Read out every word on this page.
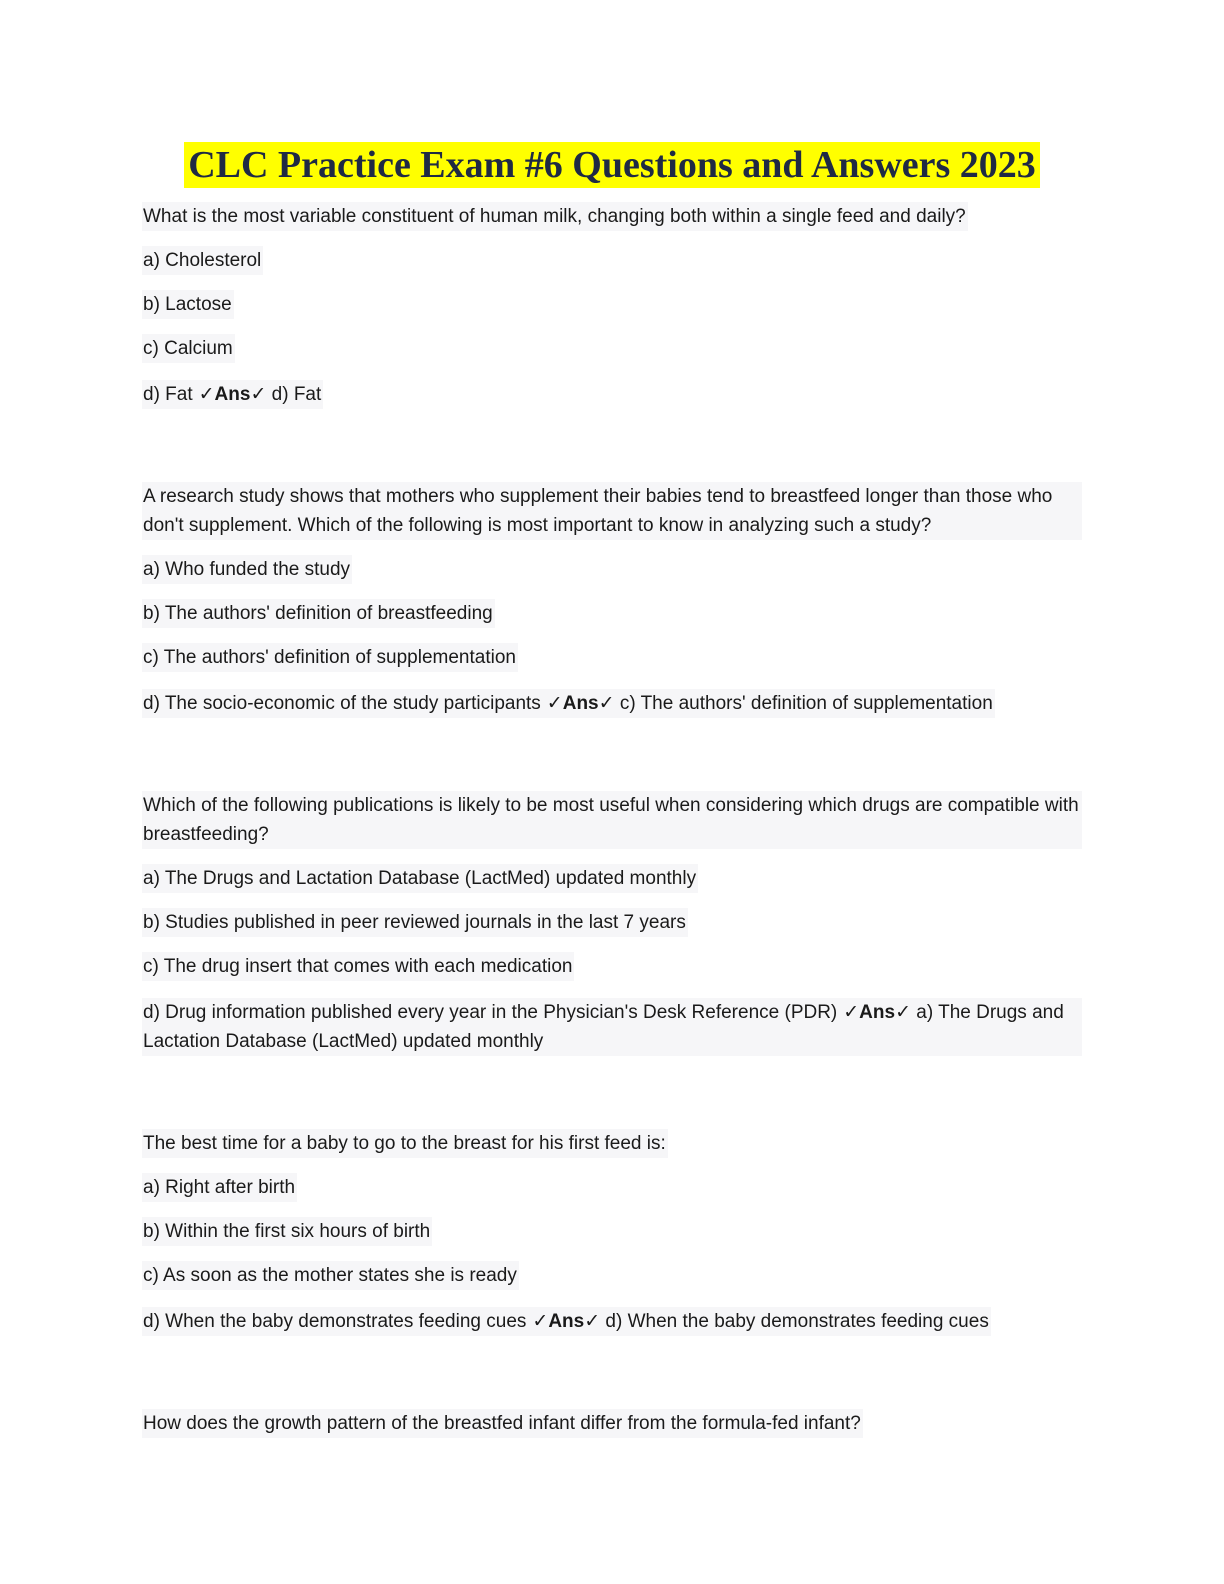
CLC Practice Exam #6 Questions and Answers 2023
What is the most variable constituent of human milk, changing both within a single feed and daily?
a) Cholesterol
b) Lactose
c) Calcium
d) Fat ✓Ans✓ d) Fat
A research study shows that mothers who supplement their babies tend to breastfeed longer than those who don't supplement. Which of the following is most important to know in analyzing such a study?
a) Who funded the study
b) The authors' definition of breastfeeding
c) The authors' definition of supplementation
d) The socio-economic of the study participants ✓Ans✓ c) The authors' definition of supplementation
Which of the following publications is likely to be most useful when considering which drugs are compatible with breastfeeding?
a) The Drugs and Lactation Database (LactMed) updated monthly
b) Studies published in peer reviewed journals in the last 7 years
c) The drug insert that comes with each medication
d) Drug information published every year in the Physician's Desk Reference (PDR) ✓Ans✓ a) The Drugs and Lactation Database (LactMed) updated monthly
The best time for a baby to go to the breast for his first feed is:
a) Right after birth
b) Within the first six hours of birth
c) As soon as the mother states she is ready
d) When the baby demonstrates feeding cues ✓Ans✓ d) When the baby demonstrates feeding cues
How does the growth pattern of the breastfed infant differ from the formula-fed infant?
